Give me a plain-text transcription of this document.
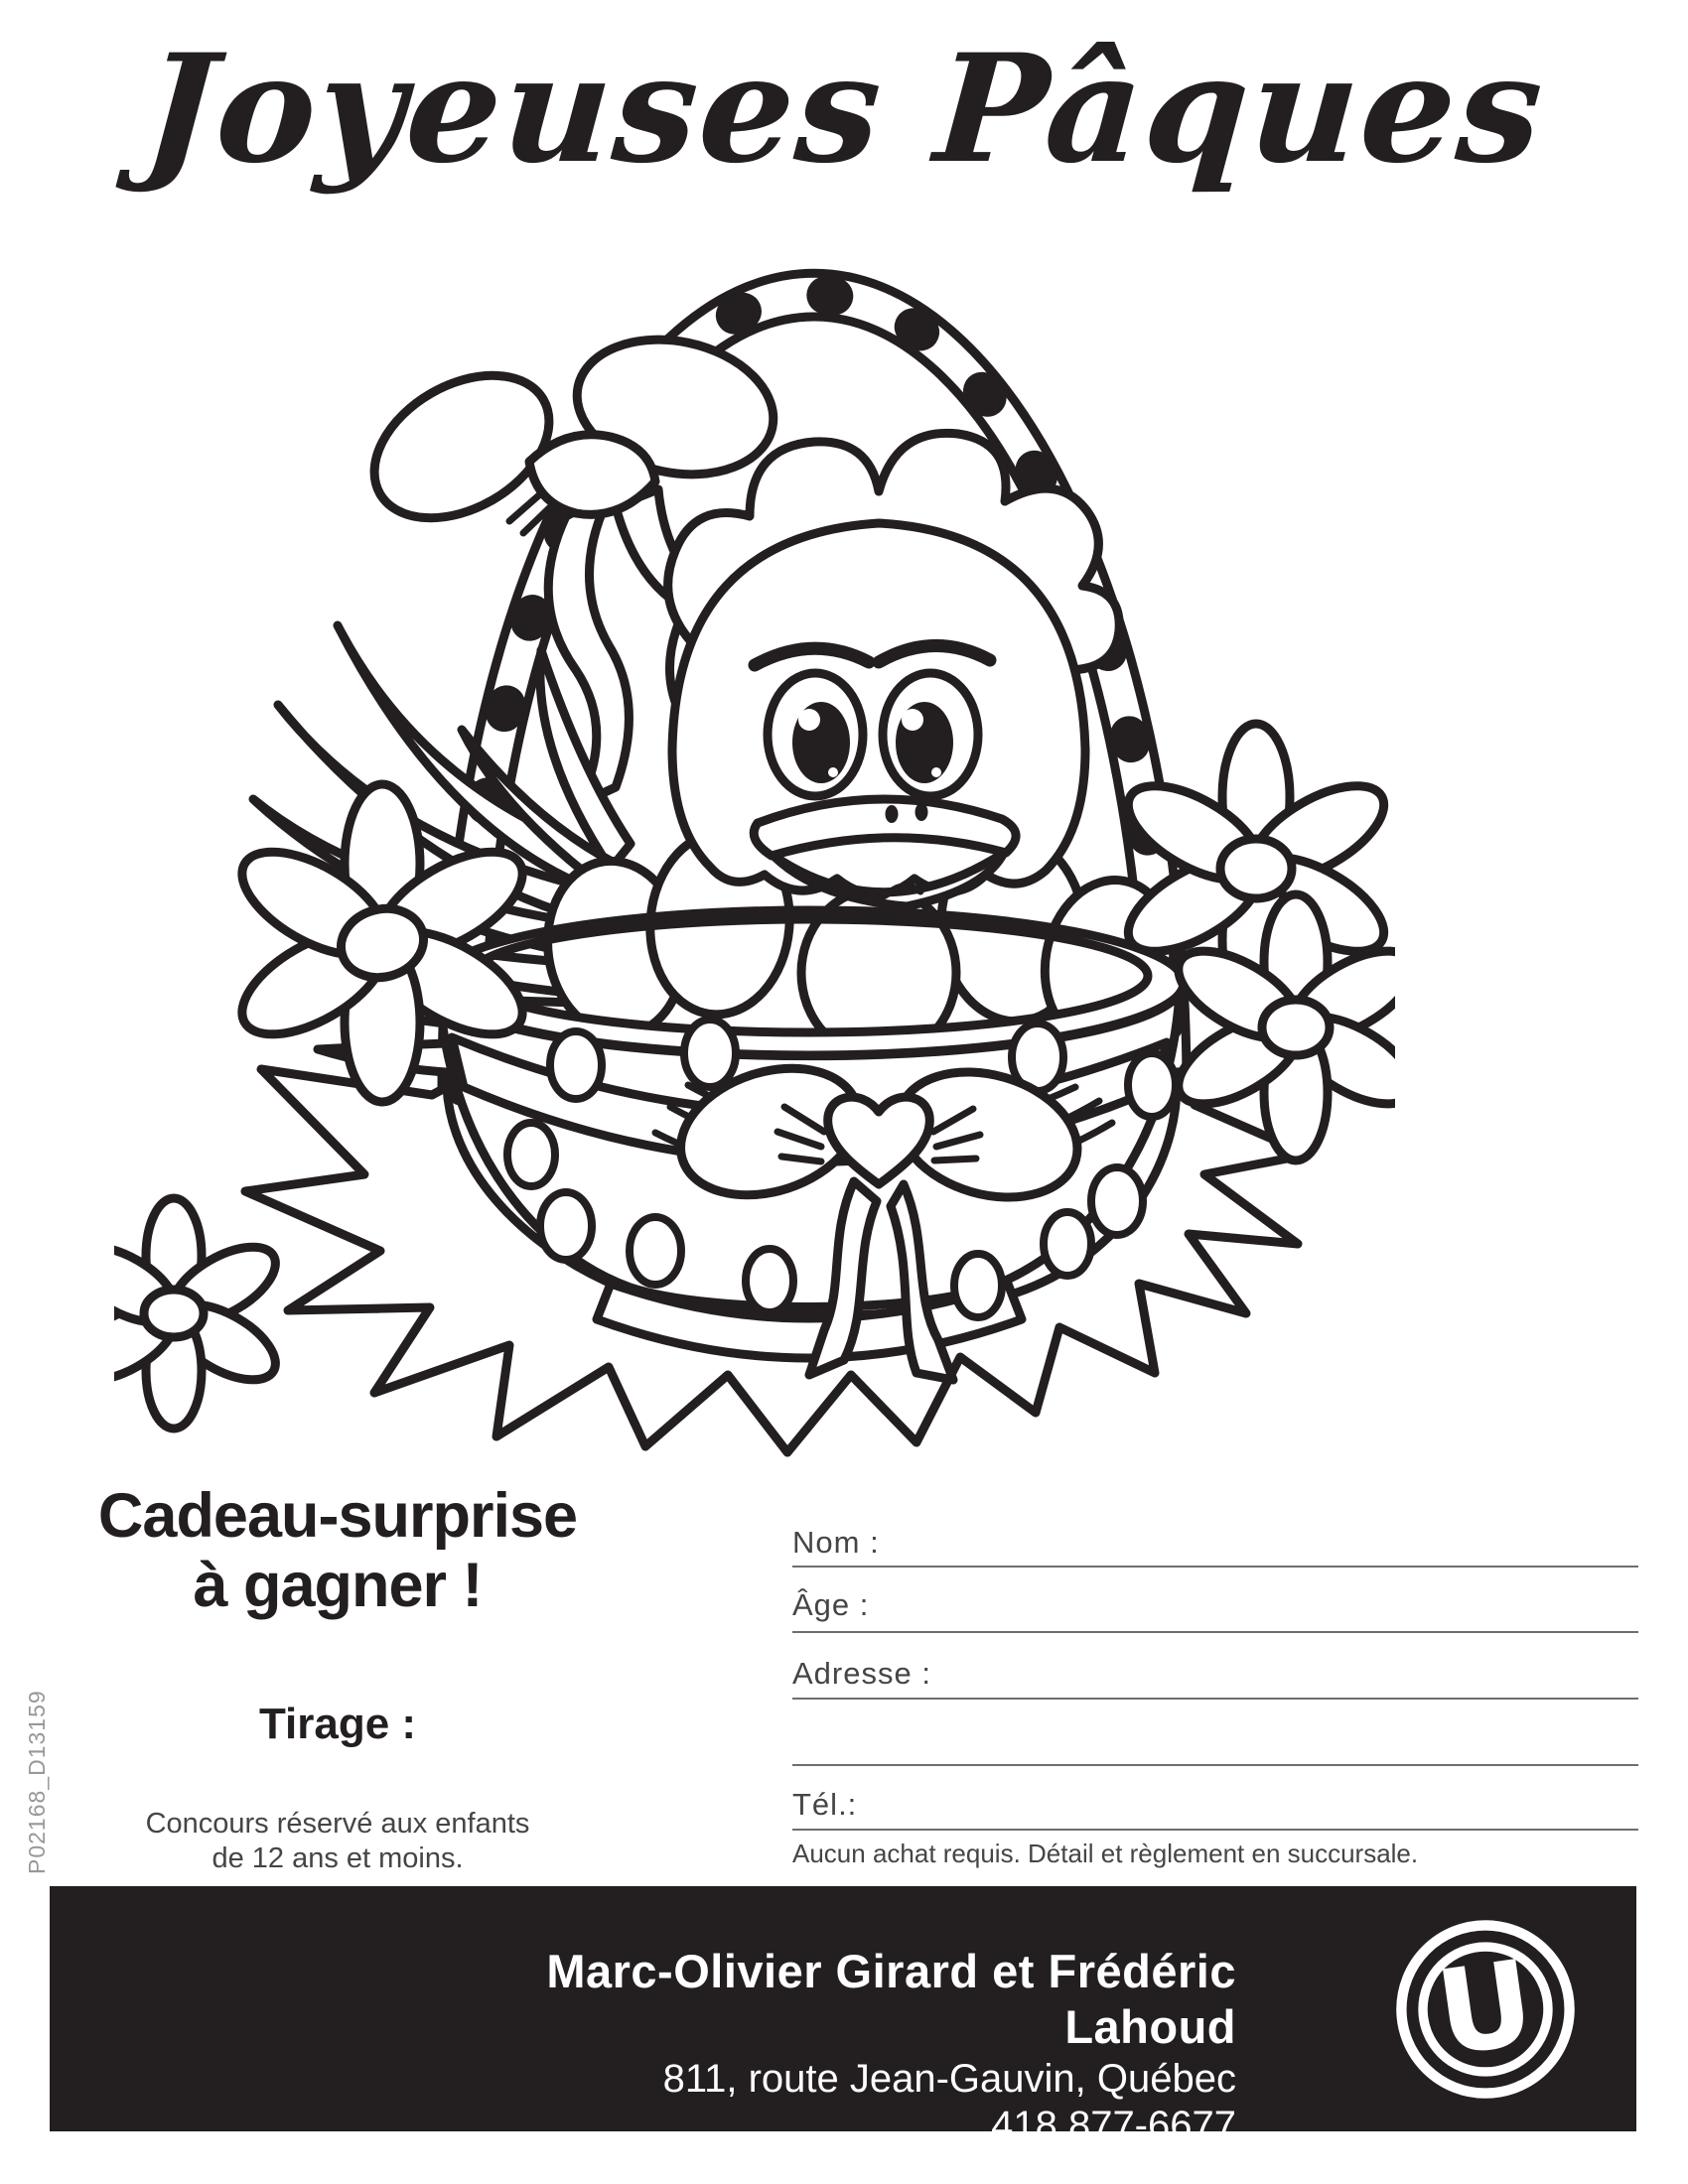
Joyeuses Pâques
Cadeau-surprise
à gagner !
Tirage :
Concours réservé aux enfants
de 12 ans et moins.
P02168_D13159
Nom :
Âge :
Adresse :
Tél.:
Aucun achat requis. Détail et règlement en succursale.
Marc-Olivier Girard et Frédéric Lahoud
811, route Jean-Gauvin, Québec
418 877-6677
U
